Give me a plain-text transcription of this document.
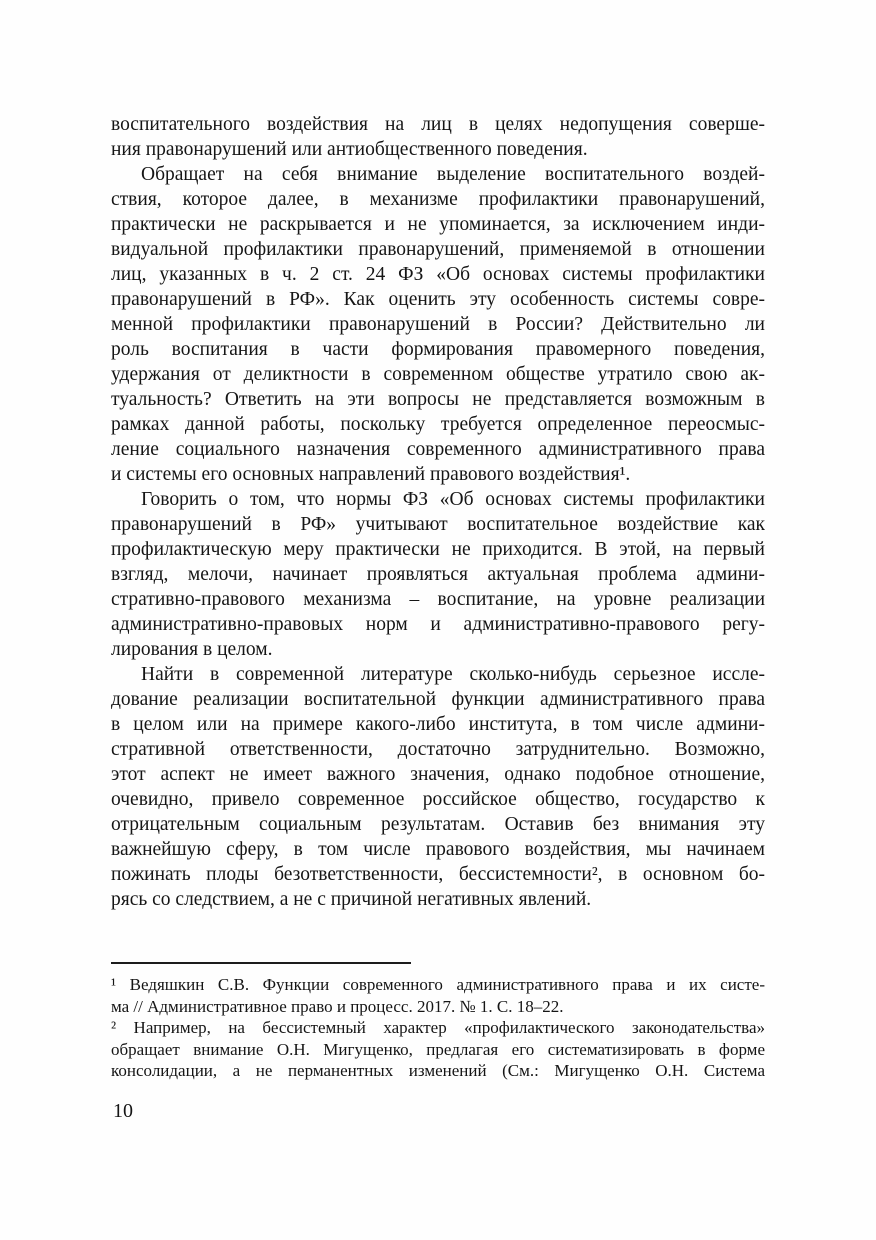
воспитательного воздействия на лиц в целях недопущения соверше-
ния правонарушений или антиобщественного поведения.
Обращает на себя внимание выделение воспитательного воздей-
ствия, которое далее, в механизме профилактики правонарушений,
практически не раскрывается и не упоминается, за исключением инди-
видуальной профилактики правонарушений, применяемой в отношении
лиц, указанных в ч. 2 ст. 24 ФЗ «Об основах системы профилактики
правонарушений в РФ». Как оценить эту особенность системы совре-
менной профилактики правонарушений в России? Действительно ли
роль воспитания в части формирования правомерного поведения,
удержания от деликтности в современном обществе утратило свою ак-
туальность? Ответить на эти вопросы не представляется возможным в
рамках данной работы, поскольку требуется определенное переосмыс-
ление социального назначения современного административного права
и системы его основных направлений правового воздействия¹.
Говорить о том, что нормы ФЗ «Об основах системы профилактики
правонарушений в РФ» учитывают воспитательное воздействие как
профилактическую меру практически не приходится. В этой, на первый
взгляд, мелочи, начинает проявляться актуальная проблема админи-
стративно-правового механизма – воспитание, на уровне реализации
административно-правовых норм и административно-правового регу-
лирования в целом.
Найти в современной литературе сколько-нибудь серьезное иссле-
дование реализации воспитательной функции административного права
в целом или на примере какого-либо института, в том числе админи-
стративной ответственности, достаточно затруднительно. Возможно,
этот аспект не имеет важного значения, однако подобное отношение,
очевидно, привело современное российское общество, государство к
отрицательным социальным результатам. Оставив без внимания эту
важнейшую сферу, в том числе правового воздействия, мы начинаем
пожинать плоды безответственности, бессистемности², в основном бо-
рясь со следствием, а не с причиной негативных явлений.
¹ Ведяшкин С.В. Функции современного административного права и их систе-
ма // Административное право и процесс. 2017. № 1. С. 18–22.
² Например, на бессистемный характер «профилактического законодательства»
обращает внимание О.Н. Мигущенко, предлагая его систематизировать в форме
консолидации, а не перманентных изменений (См.: Мигущенко О.Н. Система
10
